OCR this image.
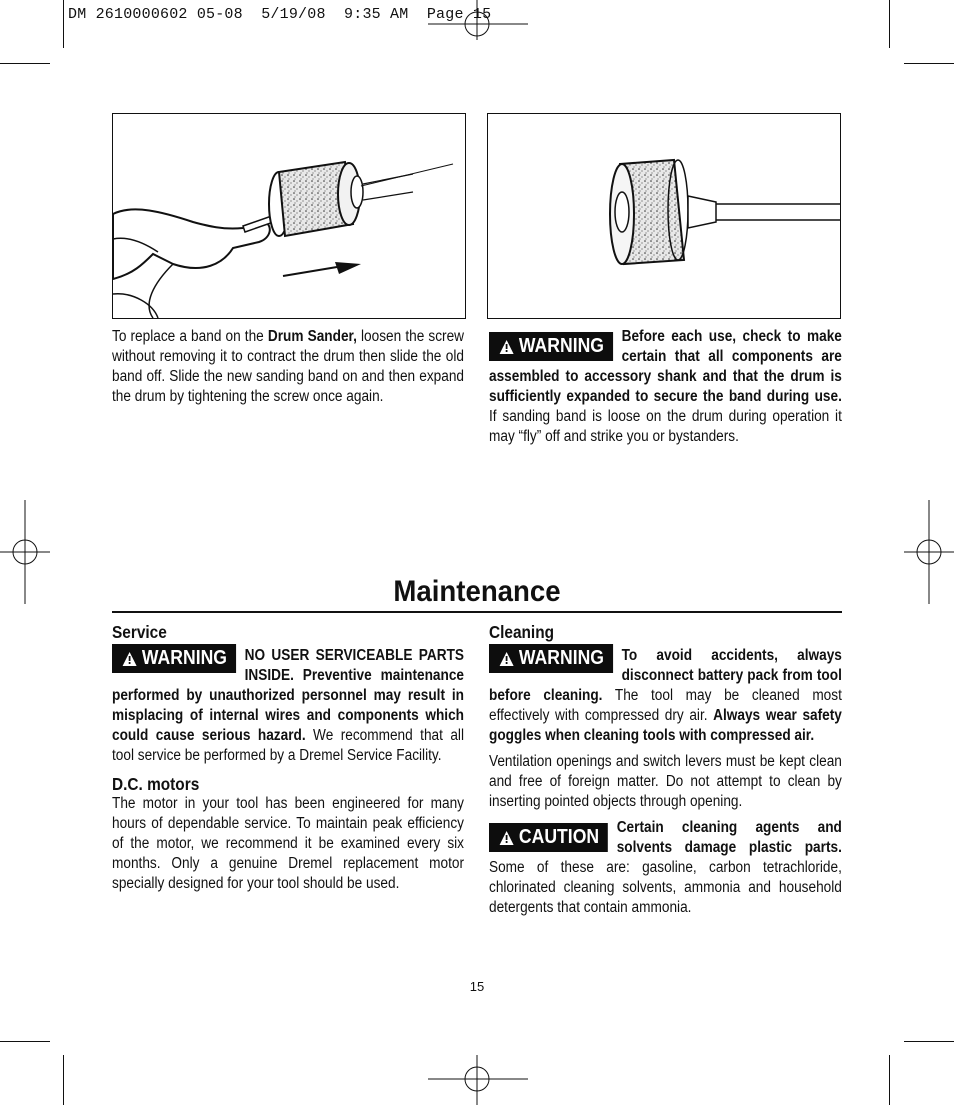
DM 2610000602 05-08  5/19/08  9:35 AM  Page 15

To replace a band on the Drum Sander, loosen the screw without removing it to contract the drum then slide the old band off. Slide the new sanding band on and then expand the drum by tightening the screw once again.

WARNING	Before each use, check to make certain that all components are assembled to accessory shank and that the drum is sufficiently expanded to secure the band during use. If sanding band is loose on the drum during operation it may “fly” off and strike you or bystanders.
Maintenance
Service
WARNING	NO USER SERVICEABLE PARTS INSIDE. Preventive maintenance performed by unauthorized personnel may result in misplacing of internal wires and components which could cause serious hazard. We recommend that all tool service be performed by a Dremel Service Facility.
D.C. motors

The motor in your tool has been engineered for many hours of dependable service. To maintain peak efficiency of the motor, we recommend it be examined every six months. Only a genuine Dremel replacement motor specially designed for your tool should be used.

Cleaning
WARNING	To avoid accidents, always disconnect battery pack from tool before cleaning. The tool may be cleaned most effectively with compressed dry air. Always wear safety goggles when cleaning tools with compressed air.

Ventilation openings and switch levers must be kept clean and free of foreign matter. Do not attempt to clean by inserting pointed objects through opening.

CAUTION	Certain cleaning agents and solvents damage plastic parts. Some of these are: gasoline, carbon tetrachloride, chlorinated cleaning solvents, ammonia and household detergents that contain ammonia.
15
